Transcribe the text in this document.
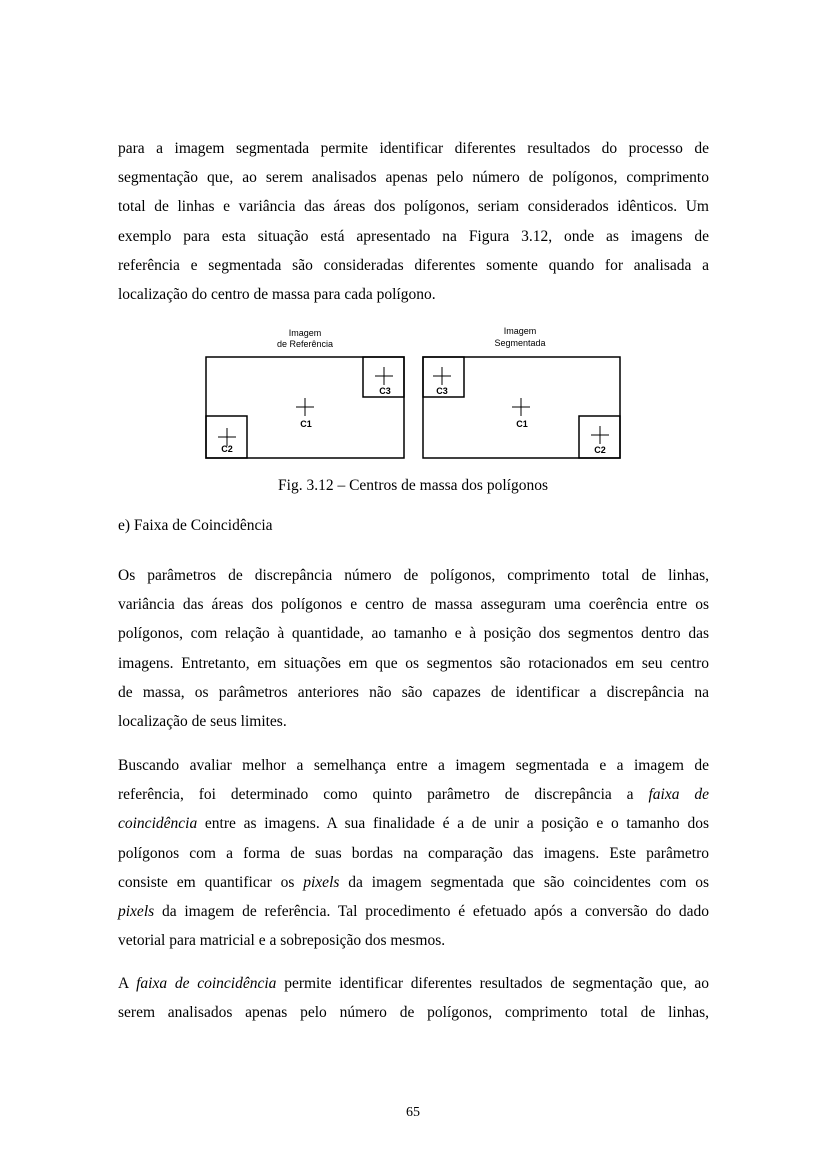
para a imagem segmentada permite identificar diferentes resultados do processo de
segmentação que, ao serem analisados apenas pelo número de polígonos, comprimento
total de linhas e variância das áreas dos polígonos, seriam considerados idênticos. Um
exemplo para esta situação está apresentado na Figura 3.12, onde as imagens de
referência e segmentada são consideradas diferentes somente quando for analisada a
localização do centro de massa para cada polígono.
Imagem
de Referência
Imagem
Segmentada
C1
C3
C2
C1
C3
C2

Fig. 3.12 – Centros de massa dos polígonos

e) Faixa de Coincidência

Os parâmetros de discrepância número de polígonos, comprimento total de linhas,
variância das áreas dos polígonos e centro de massa asseguram uma coerência entre os
polígonos, com relação à quantidade, ao tamanho e à posição dos segmentos dentro das
imagens. Entretanto, em situações em que os segmentos são rotacionados em seu centro
de massa, os parâmetros anteriores não são capazes de identificar a discrepância na
localização de seus limites.
Buscando avaliar melhor a semelhança entre a imagem segmentada e a imagem de
referência, foi determinado como quinto parâmetro de discrepância a faixa de
coincidência entre as imagens. A sua finalidade é a de unir a posição e o tamanho dos
polígonos com a forma de suas bordas na comparação das imagens. Este parâmetro
consiste em quantificar os pixels da imagem segmentada que são coincidentes com os
pixels da imagem de referência. Tal procedimento é efetuado após a conversão do dado
vetorial para matricial e a sobreposição dos mesmos.
A faixa de coincidência permite identificar diferentes resultados de segmentação que, ao
serem analisados apenas pelo número de polígonos, comprimento total de linhas,

65
